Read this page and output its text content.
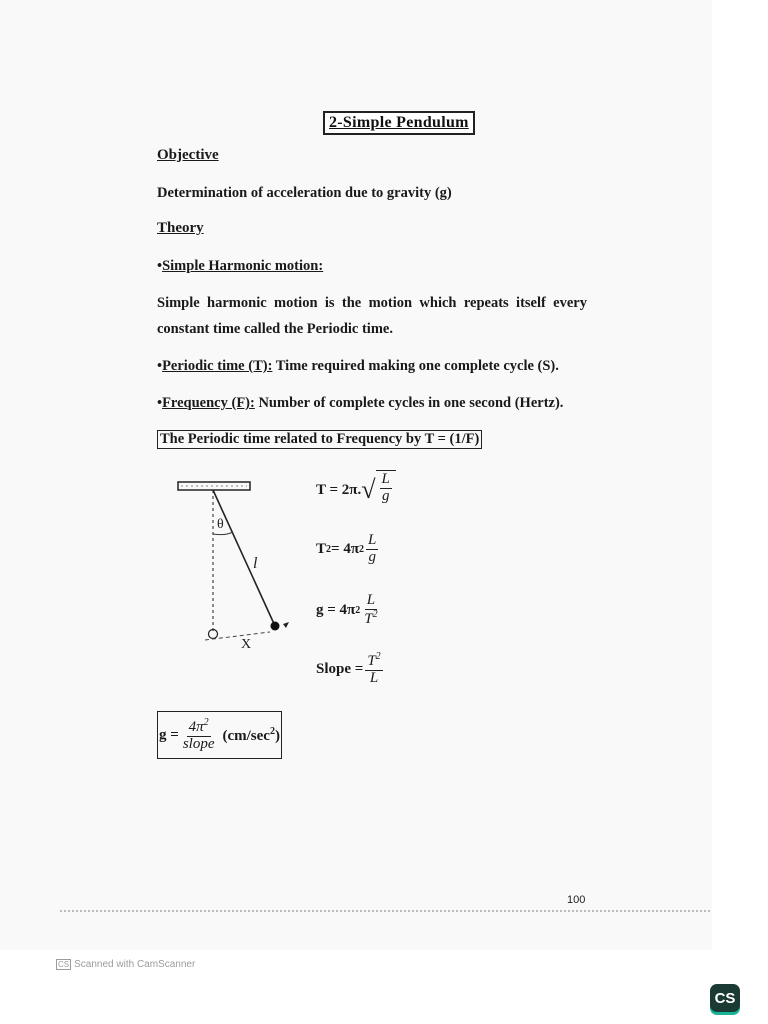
2-Simple Pendulum
Objective
Determination of acceleration due to gravity (g)
Theory
•Simple Harmonic motion:
Simple harmonic motion is the motion which repeats itself every
constant time called the Periodic time.
•Periodic time (T): Time required making one complete cycle (S).
•Frequency (F): Number of complete cycles in one second (Hertz).
The Periodic time related to Frequency by T = (1/F)
θ
l
X
T = 2π. √ $\frac{L}{g}$
T 2 = 4π $2 \frac{L}{g}$
g = 4π $2 \frac{L}{T^2}$
Slope = $\frac{T^2}{L}$
$g = \frac{4\pi^2}{\text{slope}} (cm/\sec^2)$
100
CS Scanned with CamScanner
CS
